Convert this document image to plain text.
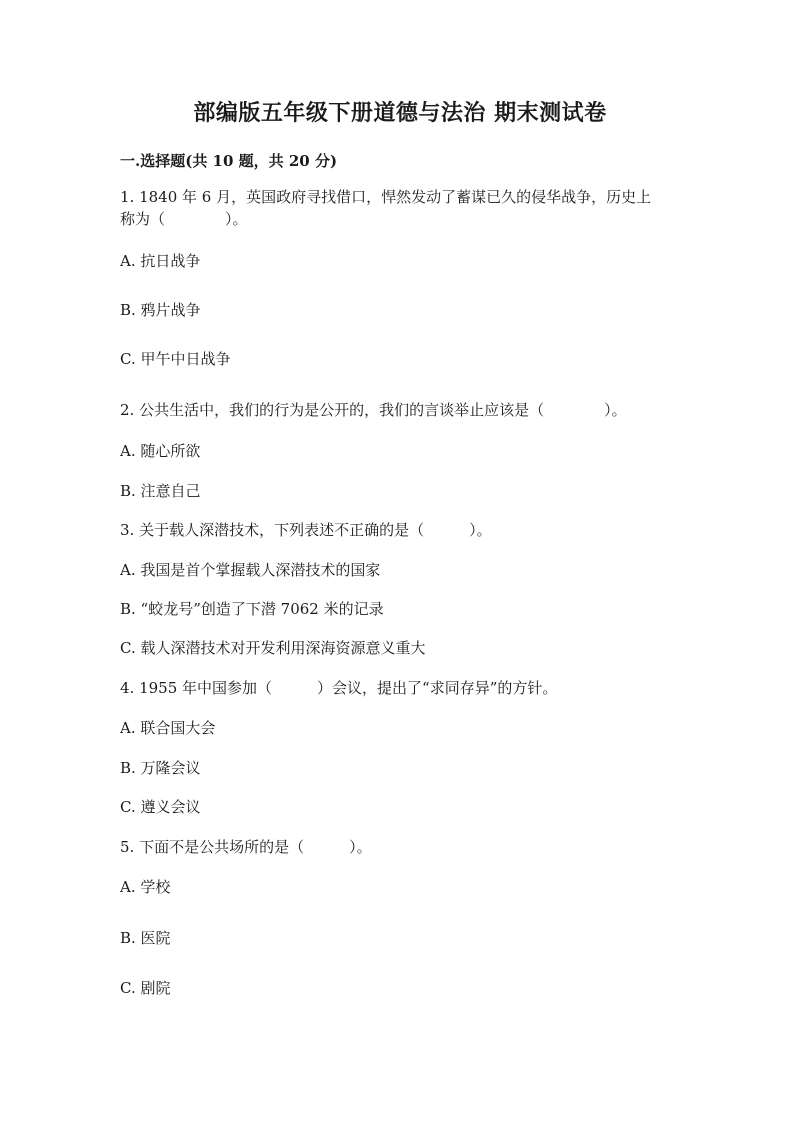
部编版五年级下册道德与法治 期末测试卷
一.选择题(共 10 题，共 20 分)
1. 1840 年 6 月，英国政府寻找借口，悍然发动了蓄谋已久的侵华战争，历史上
称为（　　　　）。
A. 抗日战争
B. 鸦片战争
C. 甲午中日战争
2. 公共生活中，我们的行为是公开的，我们的言谈举止应该是（　　　　）。
A. 随心所欲
B. 注意自己
3. 关于载人深潜技术，下列表述不正确的是（　　　）。
A. 我国是首个掌握载人深潜技术的国家
B. “蛟龙号”创造了下潜 7062 米的记录
C. 载人深潜技术对开发利用深海资源意义重大
4. 1955 年中国参加（　　　）会议，提出了“求同存异”的方针。
A. 联合国大会
B. 万隆会议
C. 遵义会议
5. 下面不是公共场所的是（　　　）。
A. 学校
B. 医院
C. 剧院
